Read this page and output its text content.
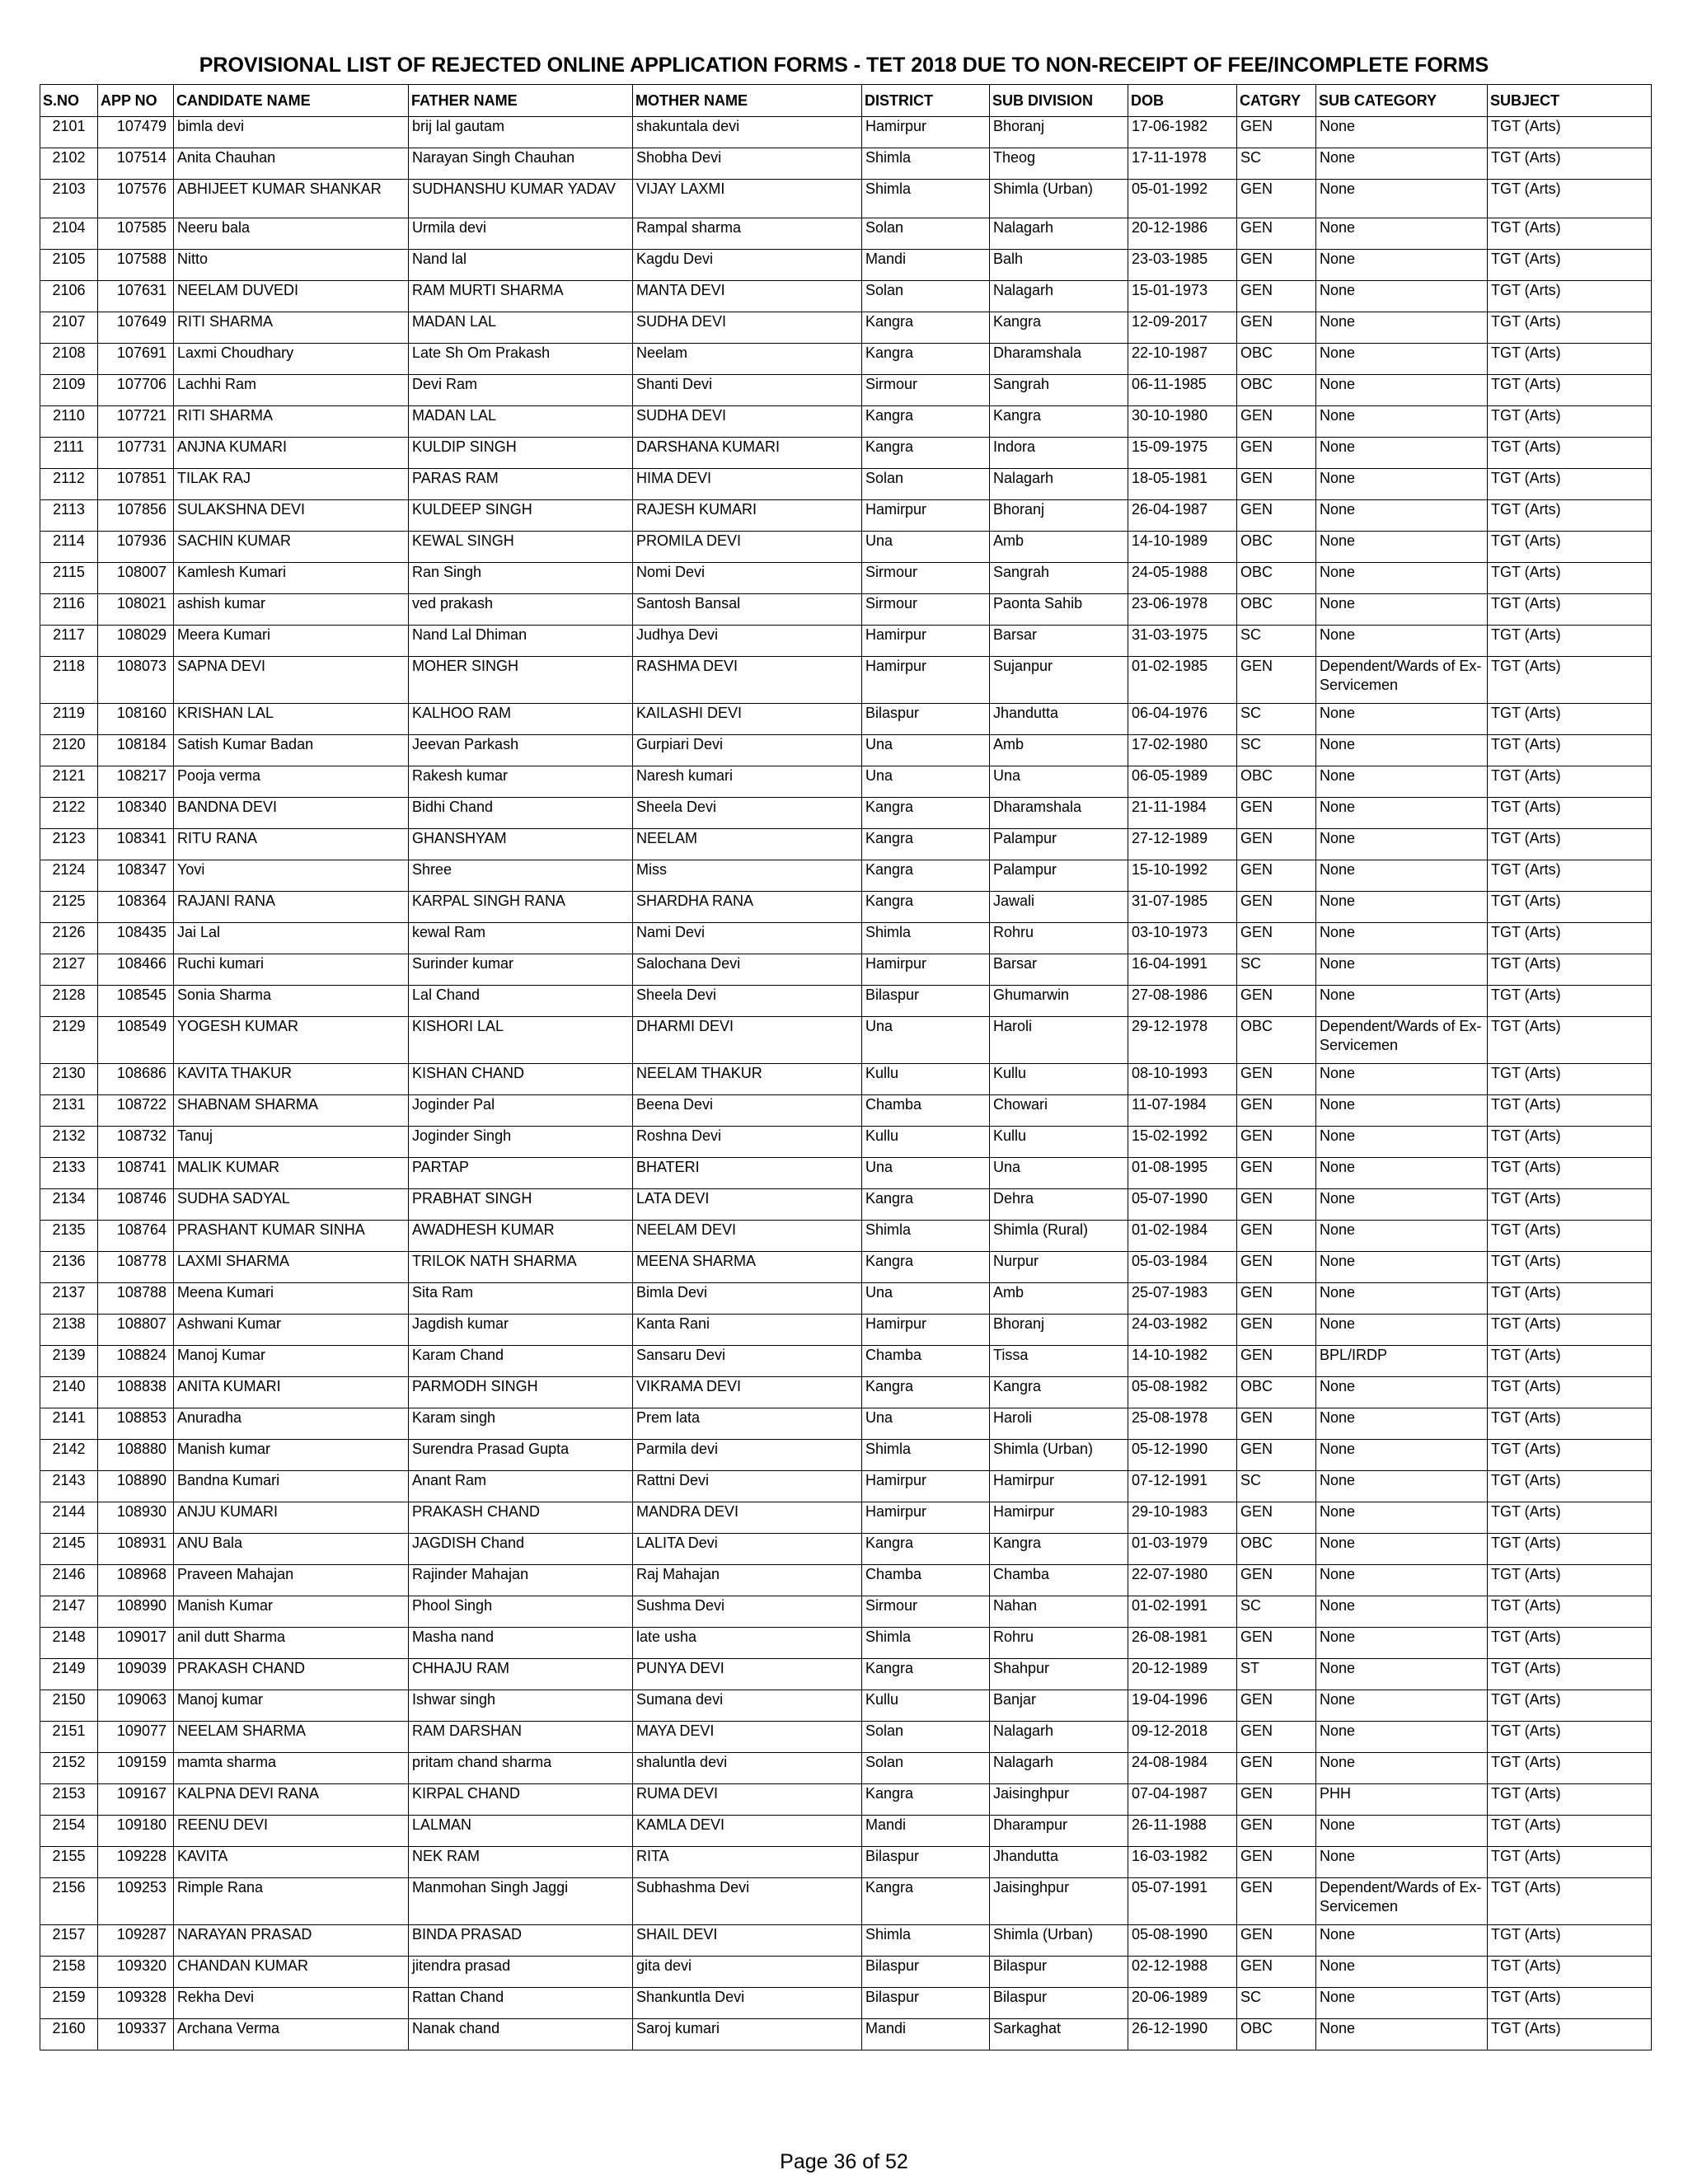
PROVISIONAL LIST OF REJECTED ONLINE APPLICATION FORMS - TET 2018 DUE TO NON-RECEIPT OF FEE/INCOMPLETE FORMS
S.NO	APP NO	CANDIDATE NAME	FATHER NAME	MOTHER NAME	DISTRICT	SUB DIVISION	DOB	CATGRY	SUB CATEGORY	SUBJECT
2101	107479	bimla devi	brij lal gautam	shakuntala devi	Hamirpur	Bhoranj	17-06-1982	GEN	None	TGT (Arts)
2102	107514	Anita Chauhan	Narayan Singh Chauhan	Shobha Devi	Shimla	Theog	17-11-1978	SC	None	TGT (Arts)
2103	107576	ABHIJEET KUMAR SHANKAR	SUDHANSHU KUMAR YADAV	VIJAY LAXMI	Shimla	Shimla (Urban)	05-01-1992	GEN	None	TGT (Arts)
2104	107585	Neeru bala	Urmila devi	Rampal sharma	Solan	Nalagarh	20-12-1986	GEN	None	TGT (Arts)
2105	107588	Nitto	Nand lal	Kagdu Devi	Mandi	Balh	23-03-1985	GEN	None	TGT (Arts)
2106	107631	NEELAM DUVEDI	RAM MURTI SHARMA	MANTA DEVI	Solan	Nalagarh	15-01-1973	GEN	None	TGT (Arts)
2107	107649	RITI SHARMA	MADAN LAL	SUDHA DEVI	Kangra	Kangra	12-09-2017	GEN	None	TGT (Arts)
2108	107691	Laxmi Choudhary	Late Sh Om Prakash	Neelam	Kangra	Dharamshala	22-10-1987	OBC	None	TGT (Arts)
2109	107706	Lachhi Ram	Devi Ram	Shanti Devi	Sirmour	Sangrah	06-11-1985	OBC	None	TGT (Arts)
2110	107721	RITI SHARMA	MADAN LAL	SUDHA DEVI	Kangra	Kangra	30-10-1980	GEN	None	TGT (Arts)
2111	107731	ANJNA KUMARI	KULDIP SINGH	DARSHANA KUMARI	Kangra	Indora	15-09-1975	GEN	None	TGT (Arts)
2112	107851	TILAK RAJ	PARAS RAM	HIMA DEVI	Solan	Nalagarh	18-05-1981	GEN	None	TGT (Arts)
2113	107856	SULAKSHNA DEVI	KULDEEP SINGH	RAJESH KUMARI	Hamirpur	Bhoranj	26-04-1987	GEN	None	TGT (Arts)
2114	107936	SACHIN KUMAR	KEWAL SINGH	PROMILA DEVI	Una	Amb	14-10-1989	OBC	None	TGT (Arts)
2115	108007	Kamlesh Kumari	Ran Singh	Nomi Devi	Sirmour	Sangrah	24-05-1988	OBC	None	TGT (Arts)
2116	108021	ashish kumar	ved prakash	Santosh Bansal	Sirmour	Paonta Sahib	23-06-1978	OBC	None	TGT (Arts)
2117	108029	Meera Kumari	Nand Lal Dhiman	Judhya Devi	Hamirpur	Barsar	31-03-1975	SC	None	TGT (Arts)
2118	108073	SAPNA DEVI	MOHER SINGH	RASHMA DEVI	Hamirpur	Sujanpur	01-02-1985	GEN	Dependent/Wards of Ex-Servicemen	TGT (Arts)
2119	108160	KRISHAN LAL	KALHOO RAM	KAILASHI DEVI	Bilaspur	Jhandutta	06-04-1976	SC	None	TGT (Arts)
2120	108184	Satish Kumar Badan	Jeevan Parkash	Gurpiari Devi	Una	Amb	17-02-1980	SC	None	TGT (Arts)
2121	108217	Pooja verma	Rakesh kumar	Naresh kumari	Una	Una	06-05-1989	OBC	None	TGT (Arts)
2122	108340	BANDNA DEVI	Bidhi Chand	Sheela Devi	Kangra	Dharamshala	21-11-1984	GEN	None	TGT (Arts)
2123	108341	RITU RANA	GHANSHYAM	NEELAM	Kangra	Palampur	27-12-1989	GEN	None	TGT (Arts)
2124	108347	Yovi	Shree	Miss	Kangra	Palampur	15-10-1992	GEN	None	TGT (Arts)
2125	108364	RAJANI RANA	KARPAL SINGH RANA	SHARDHA RANA	Kangra	Jawali	31-07-1985	GEN	None	TGT (Arts)
2126	108435	Jai Lal	kewal Ram	Nami Devi	Shimla	Rohru	03-10-1973	GEN	None	TGT (Arts)
2127	108466	Ruchi kumari	Surinder kumar	Salochana Devi	Hamirpur	Barsar	16-04-1991	SC	None	TGT (Arts)
2128	108545	Sonia Sharma	Lal Chand	Sheela Devi	Bilaspur	Ghumarwin	27-08-1986	GEN	None	TGT (Arts)
2129	108549	YOGESH KUMAR	KISHORI LAL	DHARMI DEVI	Una	Haroli	29-12-1978	OBC	Dependent/Wards of Ex-Servicemen	TGT (Arts)
2130	108686	KAVITA THAKUR	KISHAN CHAND	NEELAM THAKUR	Kullu	Kullu	08-10-1993	GEN	None	TGT (Arts)
2131	108722	SHABNAM SHARMA	Joginder Pal	Beena Devi	Chamba	Chowari	11-07-1984	GEN	None	TGT (Arts)
2132	108732	Tanuj	Joginder Singh	Roshna Devi	Kullu	Kullu	15-02-1992	GEN	None	TGT (Arts)
2133	108741	MALIK KUMAR	PARTAP	BHATERI	Una	Una	01-08-1995	GEN	None	TGT (Arts)
2134	108746	SUDHA SADYAL	PRABHAT SINGH	LATA DEVI	Kangra	Dehra	05-07-1990	GEN	None	TGT (Arts)
2135	108764	PRASHANT KUMAR SINHA	AWADHESH KUMAR	NEELAM DEVI	Shimla	Shimla (Rural)	01-02-1984	GEN	None	TGT (Arts)
2136	108778	LAXMI SHARMA	TRILOK NATH SHARMA	MEENA SHARMA	Kangra	Nurpur	05-03-1984	GEN	None	TGT (Arts)
2137	108788	Meena Kumari	Sita Ram	Bimla Devi	Una	Amb	25-07-1983	GEN	None	TGT (Arts)
2138	108807	Ashwani Kumar	Jagdish kumar	Kanta Rani	Hamirpur	Bhoranj	24-03-1982	GEN	None	TGT (Arts)
2139	108824	Manoj Kumar	Karam Chand	Sansaru Devi	Chamba	Tissa	14-10-1982	GEN	BPL/IRDP	TGT (Arts)
2140	108838	ANITA KUMARI	PARMODH SINGH	VIKRAMA DEVI	Kangra	Kangra	05-08-1982	OBC	None	TGT (Arts)
2141	108853	Anuradha	Karam singh	Prem lata	Una	Haroli	25-08-1978	GEN	None	TGT (Arts)
2142	108880	Manish kumar	Surendra Prasad Gupta	Parmila devi	Shimla	Shimla (Urban)	05-12-1990	GEN	None	TGT (Arts)
2143	108890	Bandna Kumari	Anant Ram	Rattni Devi	Hamirpur	Hamirpur	07-12-1991	SC	None	TGT (Arts)
2144	108930	ANJU KUMARI	PRAKASH CHAND	MANDRA DEVI	Hamirpur	Hamirpur	29-10-1983	GEN	None	TGT (Arts)
2145	108931	ANU Bala	JAGDISH Chand	LALITA Devi	Kangra	Kangra	01-03-1979	OBC	None	TGT (Arts)
2146	108968	Praveen Mahajan	Rajinder Mahajan	Raj Mahajan	Chamba	Chamba	22-07-1980	GEN	None	TGT (Arts)
2147	108990	Manish Kumar	Phool Singh	Sushma Devi	Sirmour	Nahan	01-02-1991	SC	None	TGT (Arts)
2148	109017	anil dutt Sharma	Masha nand	late usha	Shimla	Rohru	26-08-1981	GEN	None	TGT (Arts)
2149	109039	PRAKASH CHAND	CHHAJU RAM	PUNYA DEVI	Kangra	Shahpur	20-12-1989	ST	None	TGT (Arts)
2150	109063	Manoj kumar	Ishwar singh	Sumana devi	Kullu	Banjar	19-04-1996	GEN	None	TGT (Arts)
2151	109077	NEELAM SHARMA	RAM DARSHAN	MAYA DEVI	Solan	Nalagarh	09-12-2018	GEN	None	TGT (Arts)
2152	109159	mamta sharma	pritam chand sharma	shaluntla devi	Solan	Nalagarh	24-08-1984	GEN	None	TGT (Arts)
2153	109167	KALPNA DEVI RANA	KIRPAL CHAND	RUMA DEVI	Kangra	Jaisinghpur	07-04-1987	GEN	PHH	TGT (Arts)
2154	109180	REENU DEVI	LALMAN	KAMLA DEVI	Mandi	Dharampur	26-11-1988	GEN	None	TGT (Arts)
2155	109228	KAVITA	NEK RAM	RITA	Bilaspur	Jhandutta	16-03-1982	GEN	None	TGT (Arts)
2156	109253	Rimple Rana	Manmohan Singh Jaggi	Subhashma Devi	Kangra	Jaisinghpur	05-07-1991	GEN	Dependent/Wards of Ex-Servicemen	TGT (Arts)
2157	109287	NARAYAN PRASAD	BINDA PRASAD	SHAIL DEVI	Shimla	Shimla (Urban)	05-08-1990	GEN	None	TGT (Arts)
2158	109320	CHANDAN KUMAR	jitendra prasad	gita devi	Bilaspur	Bilaspur	02-12-1988	GEN	None	TGT (Arts)
2159	109328	Rekha Devi	Rattan Chand	Shankuntla Devi	Bilaspur	Bilaspur	20-06-1989	SC	None	TGT (Arts)
2160	109337	Archana Verma	Nanak chand	Saroj kumari	Mandi	Sarkaghat	26-12-1990	OBC	None	TGT (Arts)
Page 36 of 52
